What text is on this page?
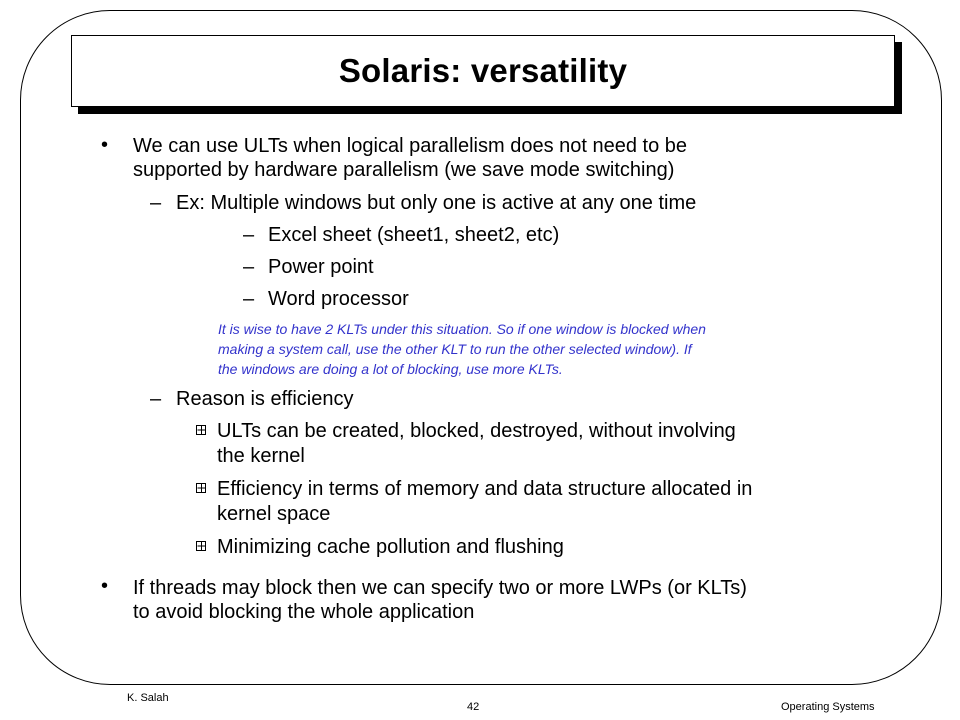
Solaris: versatility
• We can use ULTs when logical parallelism does not need to be
supported by hardware parallelism (we save mode switching)
– Ex: Multiple windows but only one is active at any one time
– Excel sheet (sheet1, sheet2, etc)
– Power point
– Word processor
It is wise to have 2 KLTs under this situation. So if one window is blocked when
making a system call, use the other KLT to run the other selected window). If
the windows are doing a lot of blocking, use more KLTs.
– Reason is efficiency
ULTs can be created, blocked, destroyed, without involving
the kernel
Efficiency in terms of memory and data structure allocated in
kernel space
Minimizing cache pollution and flushing
• If threads may block then we can specify two or more LWPs (or KLTs)
to avoid blocking the whole application
K. Salah
42	Operating Systems
